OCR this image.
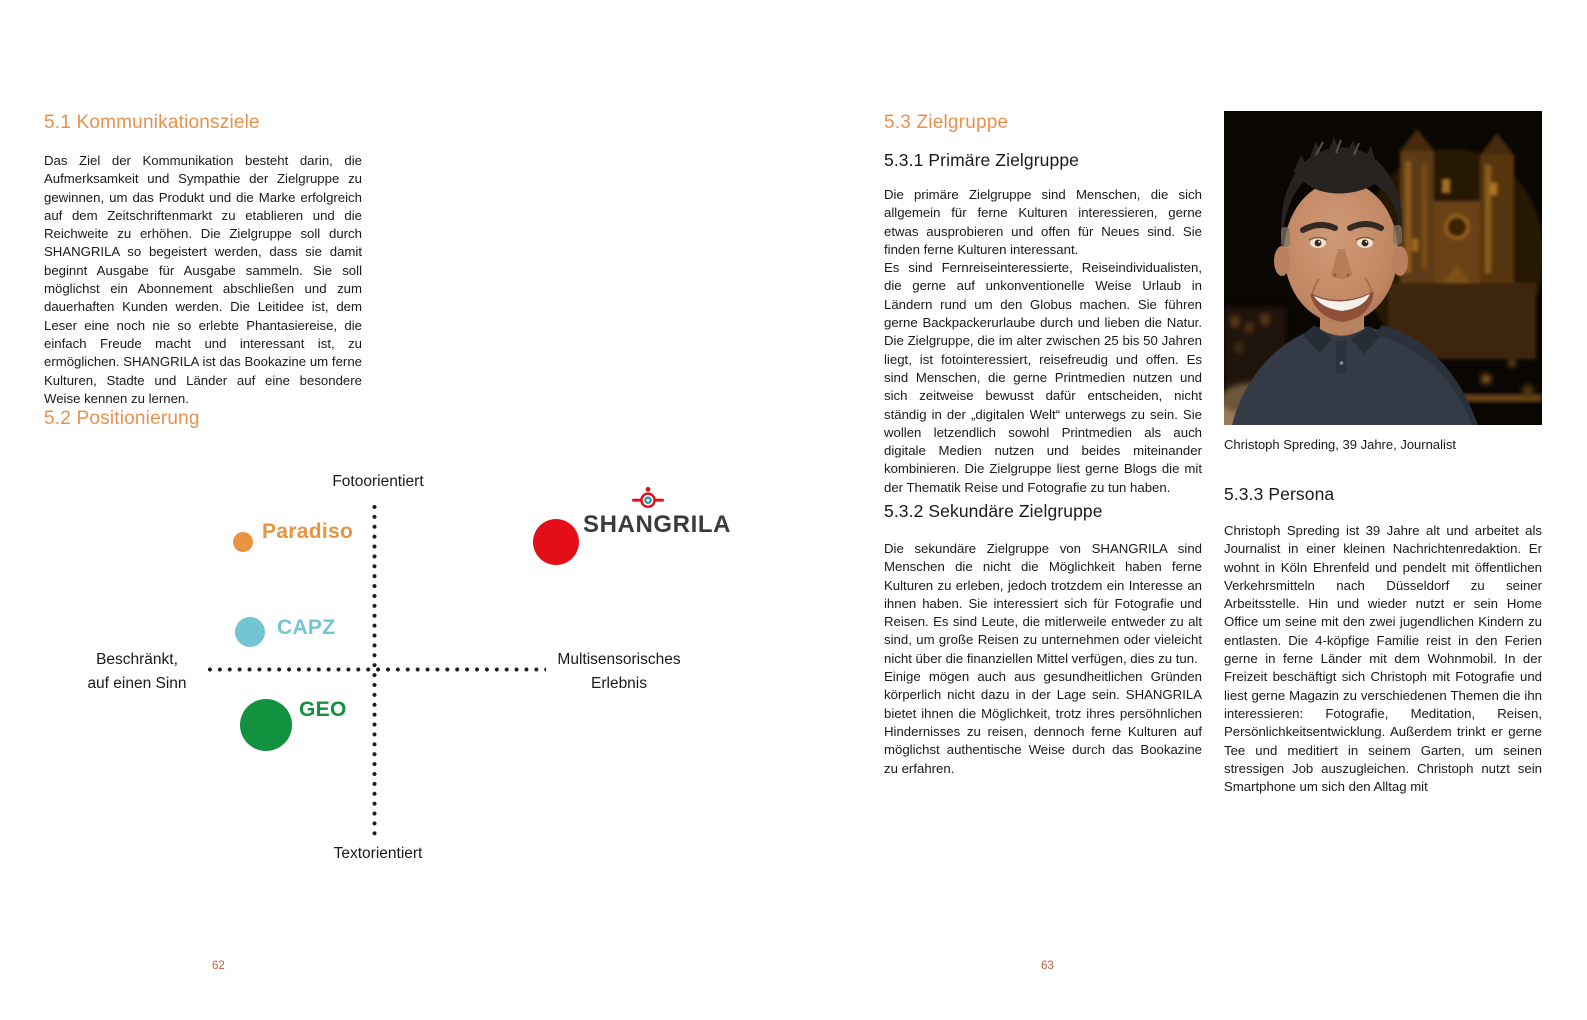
5.1 Kommunikationsziele
Das Ziel der Kommunikation besteht darin, die Aufmerksamkeit und Sympathie der Zielgruppe zu gewinnen, um das Produkt und die Marke erfolgreich auf dem Zeitschriftenmarkt zu etablieren und die Reichweite zu erhöhen. Die Zielgruppe soll durch SHANGRILA so begeistert werden, dass sie damit beginnt Ausgabe für Ausgabe sammeln. Sie soll möglichst ein Abonnement abschließen und zum dauerhaften Kunden werden. Die Leitidee ist, dem Leser eine noch nie so erlebte Phantasiereise, die einfach Freude macht und interessant ist, zu ermöglichen. SHANGRILA ist das Bookazine um ferne Kulturen, Stadte und Länder auf eine besondere Weise kennen zu lernen.
5.2 Positionierung
Fotoorientiert
Beschränkt,
auf einen Sinn
Multisensorisches
Erlebnis
Textorientiert
Paradiso
CAPZ
GEO
SHANGRILA
62
5.3 Zielgruppe
5.3.1 Primäre Zielgruppe

Die primäre Zielgruppe sind Menschen, die sich allgemein für ferne Kulturen interessieren, gerne etwas ausprobieren und offen für Neues sind. Sie finden ferne Kulturen interessant.

Es sind Fernreiseinteressierte, Reiseindividualisten, die gerne auf unkonventionelle Weise Urlaub in Ländern rund um den Globus machen. Sie führen gerne Backpackerurlaube durch und lieben die Natur. Die Zielgruppe, die im alter zwischen 25 bis 50 Jahren liegt, ist fotointeressiert, reisefreudig und offen. Es sind Menschen, die gerne Printmedien nutzen und sich zeitweise bewusst dafür entscheiden, nicht ständig in der „digitalen Welt“ unterwegs zu sein. Sie wollen letzendlich sowohl Printmedien als auch digitale Medien nutzen und beides miteinander kombinieren. Die Zielgruppe liest gerne Blogs die mit der Thematik Reise und Fotografie zu tun haben.

5.3.2 Sekundäre Zielgruppe

Die sekundäre Zielgruppe von SHANGRILA sind Menschen die nicht die Möglichkeit haben ferne Kulturen zu erleben, jedoch trotzdem ein Interesse an ihnen haben. Sie interessiert sich für Fotografie und Reisen. Es sind Leute, die mitlerweile entweder zu alt sind, um große Reisen zu unternehmen oder vieleicht nicht über die finanziellen Mittel verfügen, dies zu tun.

Einige mögen auch aus gesundheitlichen Gründen körperlich nicht dazu in der Lage sein. SHANGRILA bietet ihnen die Möglichkeit, trotz ihres persöhnlichen Hindernisses zu reisen, dennoch ferne Kulturen auf möglichst authentische Weise durch das Bookazine zu erfahren.

Christoph Spreding, 39 Jahre, Journalist
5.3.3 Persona
Christoph Spreding ist 39 Jahre alt und arbeitet als Journalist in einer kleinen Nachrichtenredaktion. Er wohnt in Köln Ehrenfeld und pendelt mit öffentlichen Verkehrsmitteln nach Düsseldorf zu seiner Arbeitsstelle. Hin und wieder nutzt er sein Home Office um seine mit den zwei jugendlichen Kindern zu entlasten. Die 4-köpfige Familie reist in den Ferien gerne in ferne Länder mit dem Wohnmobil. In der Freizeit beschäftigt sich Christoph mit Fotografie und liest gerne Magazin zu verschiedenen Themen die ihn interessieren: Fotografie, Meditation, Reisen, Persönlichkeitsentwicklung. Außerdem trinkt er gerne Tee und meditiert in seinem Garten, um seinen stressigen Job auszugleichen. Christoph nutzt sein Smartphone um sich den Alltag mit
63
